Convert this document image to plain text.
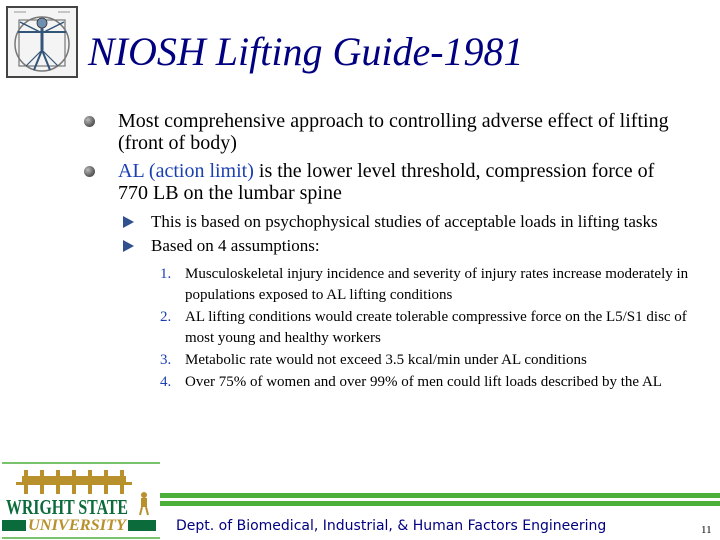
NIOSH Lifting Guide-1981
Most comprehensive approach to controlling adverse effect of lifting (front of body)
AL (action limit) is the lower level threshold, compression force of 770 LB on the lumbar spine
This is based on psychophysical studies of acceptable loads in lifting tasks
Based on 4 assumptions:
1. Musculoskeletal injury incidence and severity of injury rates increase moderately in populations exposed to AL lifting conditions
2. AL lifting conditions would create tolerable compressive force on the L5/S1 disc of most young and healthy workers
3. Metabolic rate would not exceed 3.5 kcal/min under AL conditions
4. Over 75% of women and over 99% of men could lift loads described by the AL
WRIGHT STATE
UNIVERSITY	Dept. of Biomedical, Industrial, & Human Factors Engineering	11
